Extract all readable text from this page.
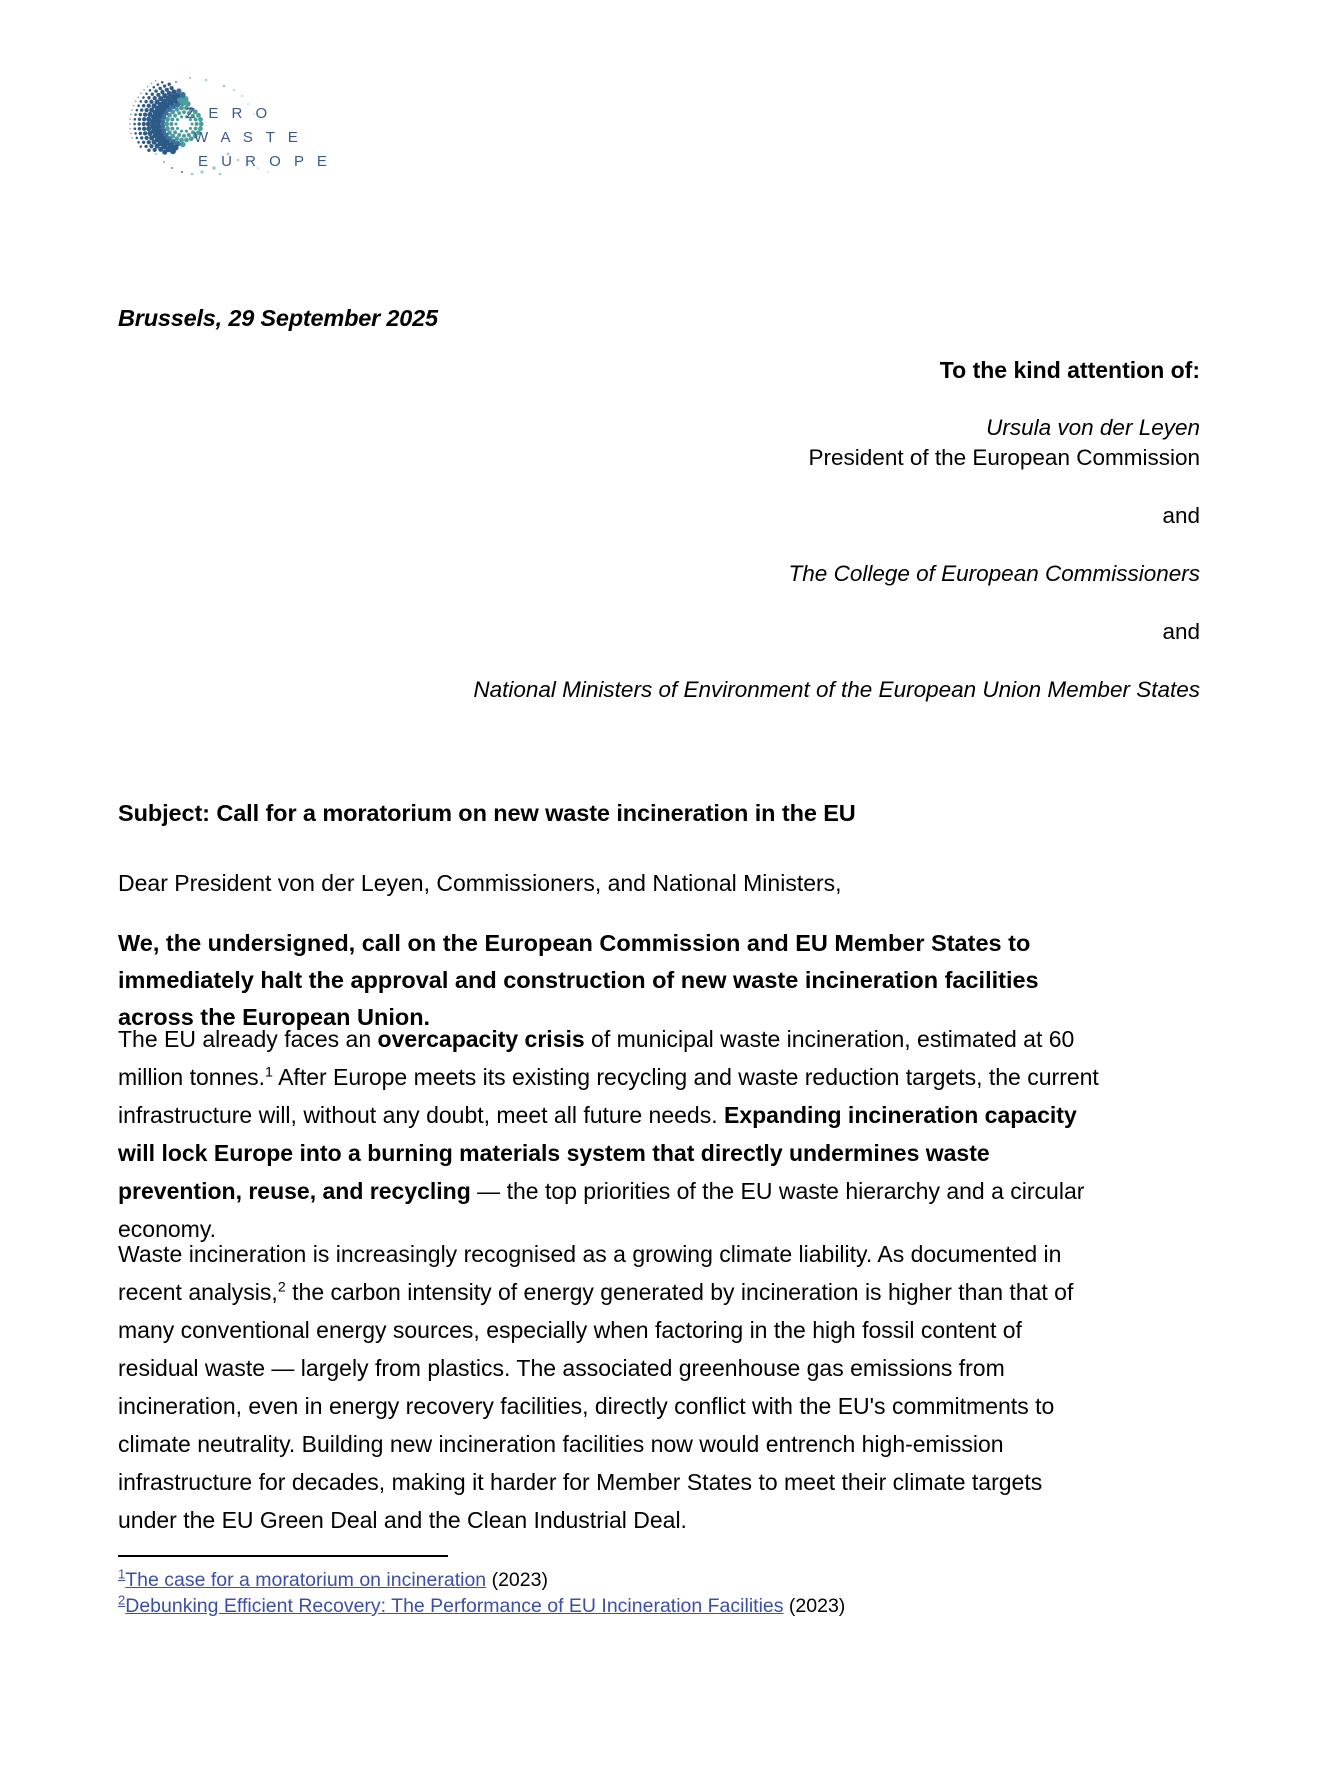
Z E R O
W A S T E
E U R O P E
Brussels, 29 September 2025
To the kind attention of:
Ursula von der Leyen
President of the European Commission
and
The College of European Commissioners
and
National Ministers of Environment of the European Union Member States
Subject: Call for a moratorium on new waste incineration in the EU
Dear President von der Leyen, Commissioners, and National Ministers,
We, the undersigned, call on the European Commission and EU Member States to immediately halt the approval and construction of new waste incineration facilities across the European Union.
The EU already faces an overcapacity crisis of municipal waste incineration, estimated at 60 million tonnes.$^1$ After Europe meets its existing recycling and waste reduction targets, the current infrastructure will, without any doubt, meet all future needs. Expanding incineration capacity will lock Europe into a burning materials system that directly undermines waste prevention, reuse, and recycling — the top priorities of the EU waste hierarchy and a circular economy.
Waste incineration is increasingly recognised as a growing climate liability. As documented in recent analysis,$^2$ the carbon intensity of energy generated by incineration is higher than that of many conventional energy sources, especially when factoring in the high fossil content of residual waste — largely from plastics. The associated greenhouse gas emissions from incineration, even in energy recovery facilities, directly conflict with the EU's commitments to climate neutrality. Building new incineration facilities now would entrench high-emission infrastructure for decades, making it harder for Member States to meet their climate targets under the EU Green Deal and the Clean Industrial Deal.
$^1$The case for a moratorium on incineration (2023)
$^2$Debunking Efficient Recovery: The Performance of EU Incineration Facilities (2023)
